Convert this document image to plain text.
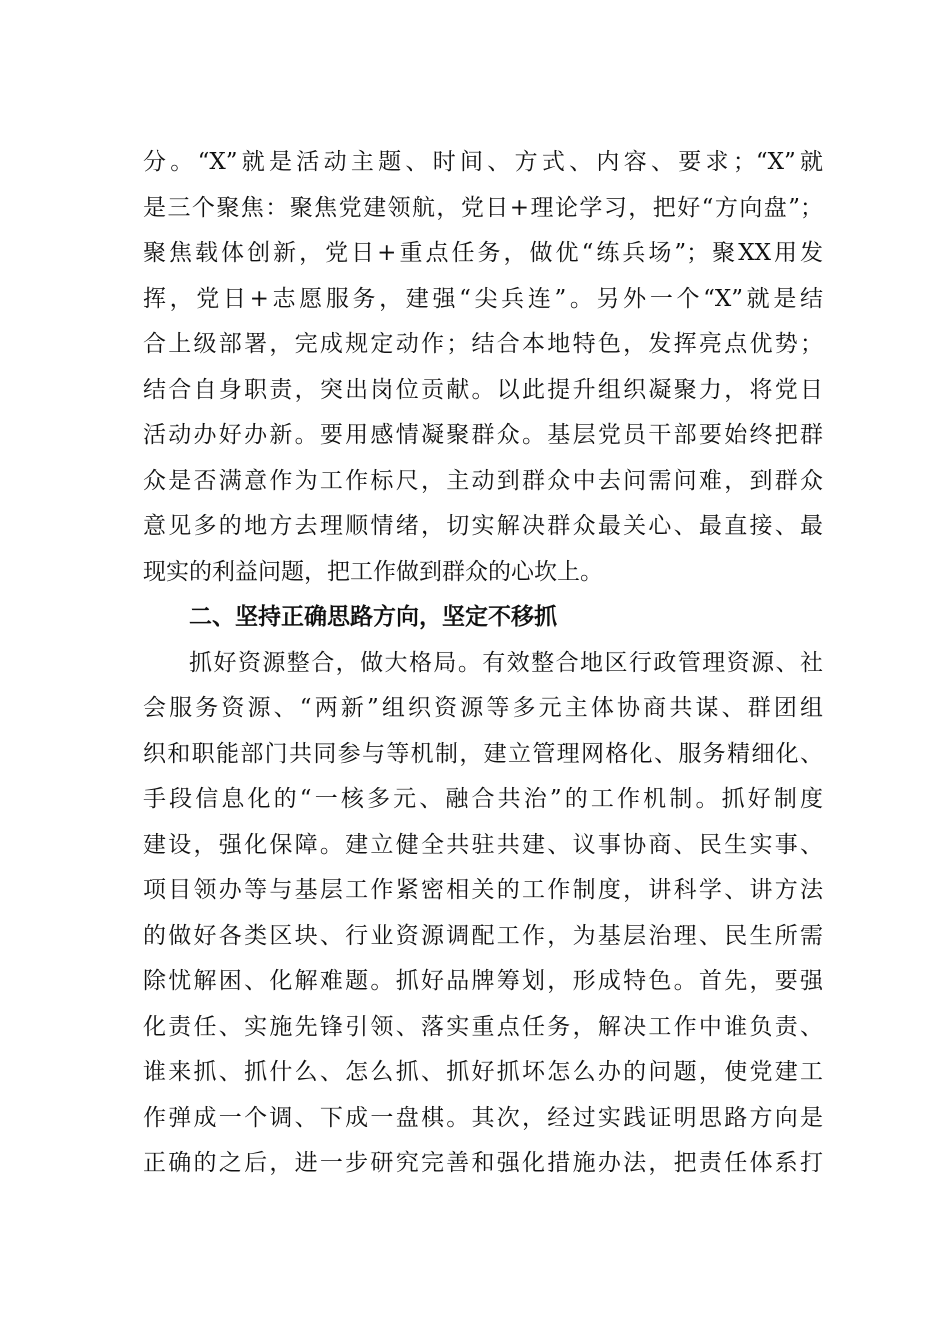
分。“X”就是活动主题、时间、方式、内容、要求；“X”就
是三个聚焦：聚焦党建领航，党日+理论学习，把好“方向盘”；
聚焦载体创新，党日+重点任务，做优“练兵场”；聚XX用发
挥，党日+志愿服务，建强“尖兵连”。另外一个“X”就是结
合上级部署，完成规定动作；结合本地特色，发挥亮点优势；
结合自身职责，突出岗位贡献。以此提升组织凝聚力，将党日
活动办好办新。要用感情凝聚群众。基层党员干部要始终把群
众是否满意作为工作标尺，主动到群众中去问需问难，到群众
意见多的地方去理顺情绪，切实解决群众最关心、最直接、最
现实的利益问题，把工作做到群众的心坎上。
二、坚持正确思路方向，坚定不移抓
抓好资源整合，做大格局。有效整合地区行政管理资源、社
会服务资源、“两新”组织资源等多元主体协商共谋、群团组
织和职能部门共同参与等机制，建立管理网格化、服务精细化、
手段信息化的“一核多元、融合共治”的工作机制。抓好制度
建设，强化保障。建立健全共驻共建、议事协商、民生实事、
项目领办等与基层工作紧密相关的工作制度，讲科学、讲方法
的做好各类区块、行业资源调配工作，为基层治理、民生所需
除忧解困、化解难题。抓好品牌筹划，形成特色。首先，要强
化责任、实施先锋引领、落实重点任务，解决工作中谁负责、
谁来抓、抓什么、怎么抓、抓好抓坏怎么办的问题，使党建工
作弹成一个调、下成一盘棋。其次，经过实践证明思路方向是
正确的之后，进一步研究完善和强化措施办法，把责任体系打
